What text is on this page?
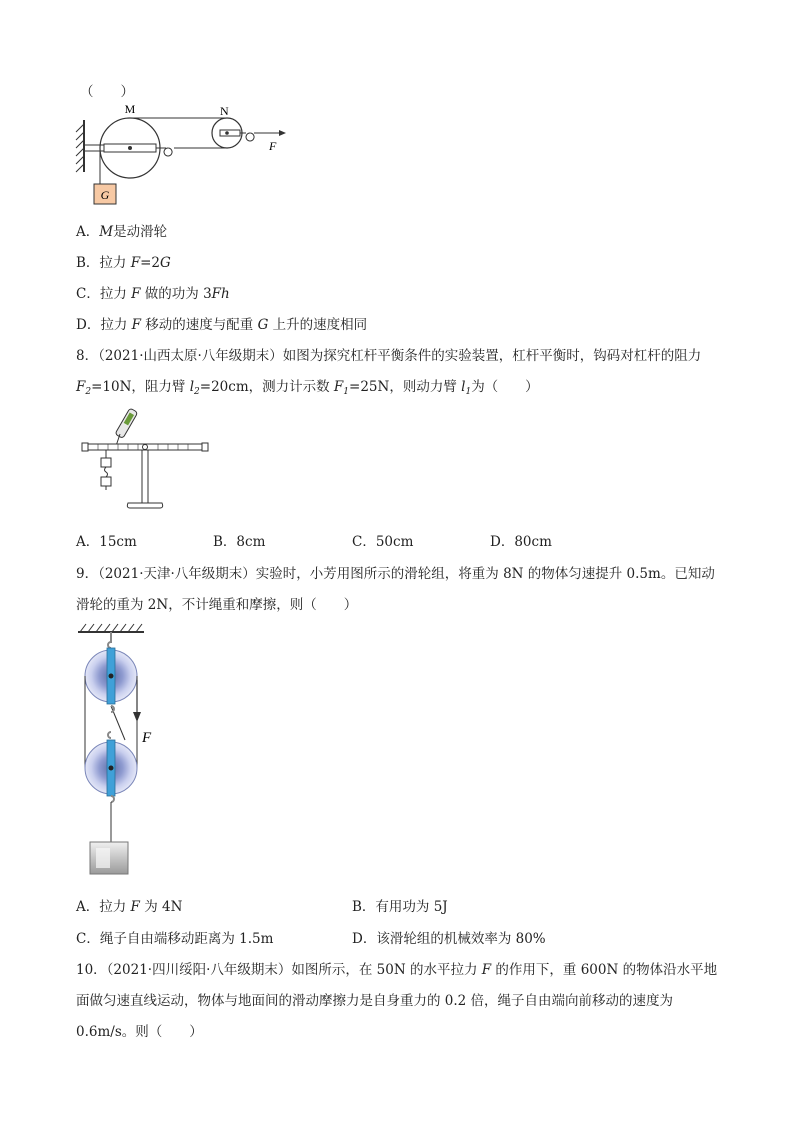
（　　）
M	N
F
G
A．M是动滑轮
B．拉力 F=2G
C．拉力 F 做的功为 3Fh
D．拉力 F 移动的速度与配重 G 上升的速度相同
8．（2021·山西太原·八年级期末）如图为探究杠杆平衡条件的实验装置，杠杆平衡时，钩码对杠杆的阻力
$F_2=10N$，阻力臂 $l_2=20cm$，测力计示数 $F_1=25N$，则动力臂 $l_1$为（　　）
A．15cm	B．8cm	C．50cm	D．80cm
9．（2021·天津·八年级期末）实验时，小芳用图所示的滑轮组，将重为 8N 的物体匀速提升 0.5m。已知动
滑轮的重为 2N，不计绳重和摩擦，则（　　）
F
A．拉力 F 为 4N	B．有用功为 5J
C．绳子自由端移动距离为 1.5m	D．该滑轮组的机械效率为 80%
10．（2021·四川绥阳·八年级期末）如图所示，在 50N 的水平拉力 F 的作用下，重 600N 的物体沿水平地
面做匀速直线运动，物体与地面间的滑动摩擦力是自身重力的 0.2 倍，绳子自由端向前移动的速度为
0.6m/s。则（　　）
